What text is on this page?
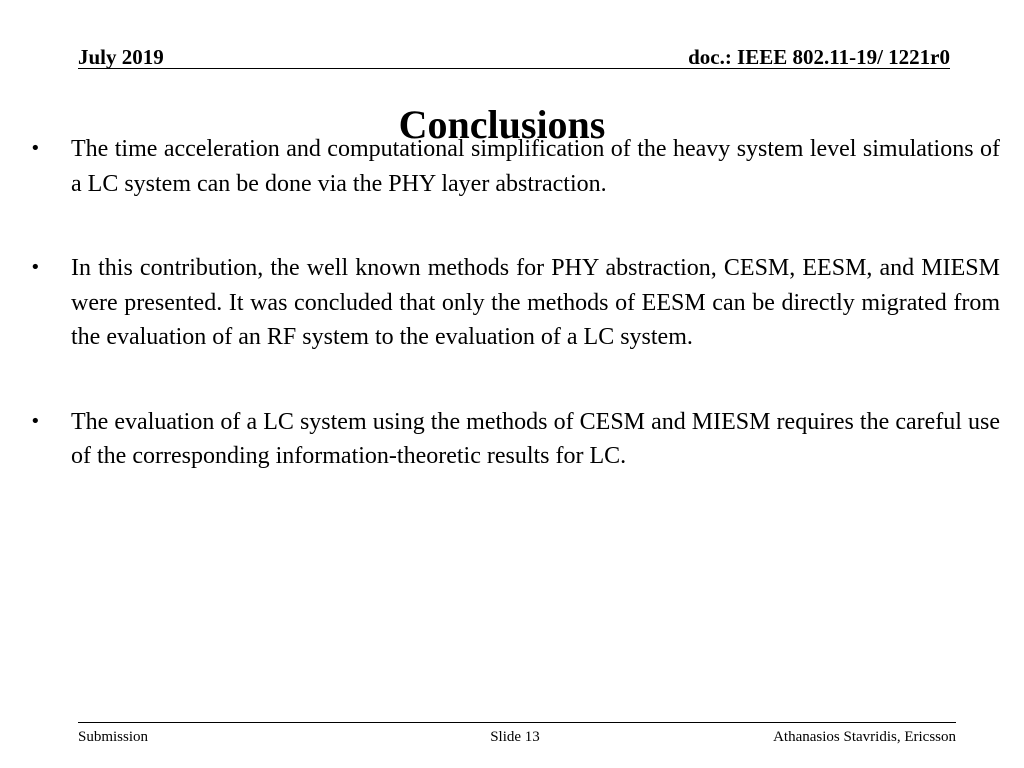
July 2019	doc.: IEEE 802.11-19/ 1221r0
Conclusions
• The time acceleration and computational simplification of the heavy system level simulations of a LC system can be done via the PHY layer abstraction.
• In this contribution, the well known methods for PHY abstraction, CESM, EESM, and MIESM were presented. It was concluded that only the methods of EESM can be directly migrated from the evaluation of an RF system to the evaluation of a LC system.
• The evaluation of a LC system using the methods of CESM and MIESM requires the careful use of the corresponding information-theoretic results for LC.
Submission	Slide 13	Athanasios Stavridis, Ericsson
